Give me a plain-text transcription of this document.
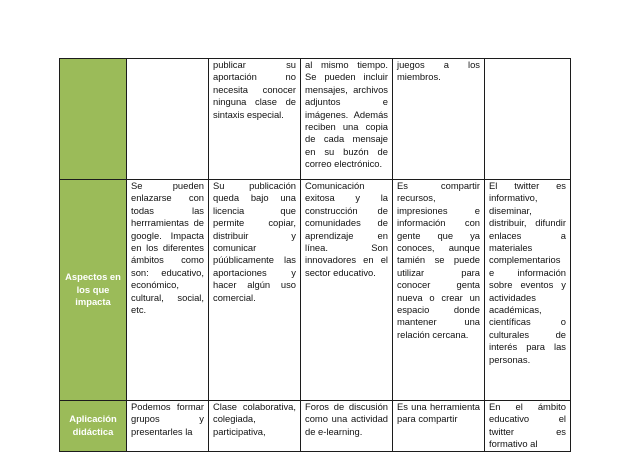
		publicar su aportación no necesita conocer ninguna clase de sintaxis especial.	al mismo tiempo. Se pueden incluir mensajes, archivos adjuntos e imágenes. Además reciben una copia de cada mensaje en su buzón de correo electrónico.	juegos a los miembros.	
Aspectos en los que impacta	Se pueden enlazarse con todas las herrramientas de google. Impacta en los diferentes ámbitos como son: educativo, económico, cultural, social, etc.	Su publicación queda bajo una licencia que permite copiar, distribuir y comunicar púúblicamente las aportaciones y hacer algún uso comercial.	Comunicación exitosa y la construcción de comunidades de aprendizaje en línea. Son innovadores en el sector educativo.	Es compartir recursos, impresiones e información con gente que ya conoces, aunque tamién se puede utilizar para conocer genta nueva o crear un espacio donde mantener una relación cercana.	El twitter es informativo, diseminar, distribuir, difundir enlaces a materiales complementarios e información sobre eventos y actividades académicas, científicas o culturales de interés para las personas.
Aplicación didáctica	Podemos formar grupos y presentarles la	Clase colaborativa, colegiada, participativa,	Foros de discusión como una actividad de e-learning.	Es una herramienta para compartir	En el ámbito educativo el twitter es formativo al
